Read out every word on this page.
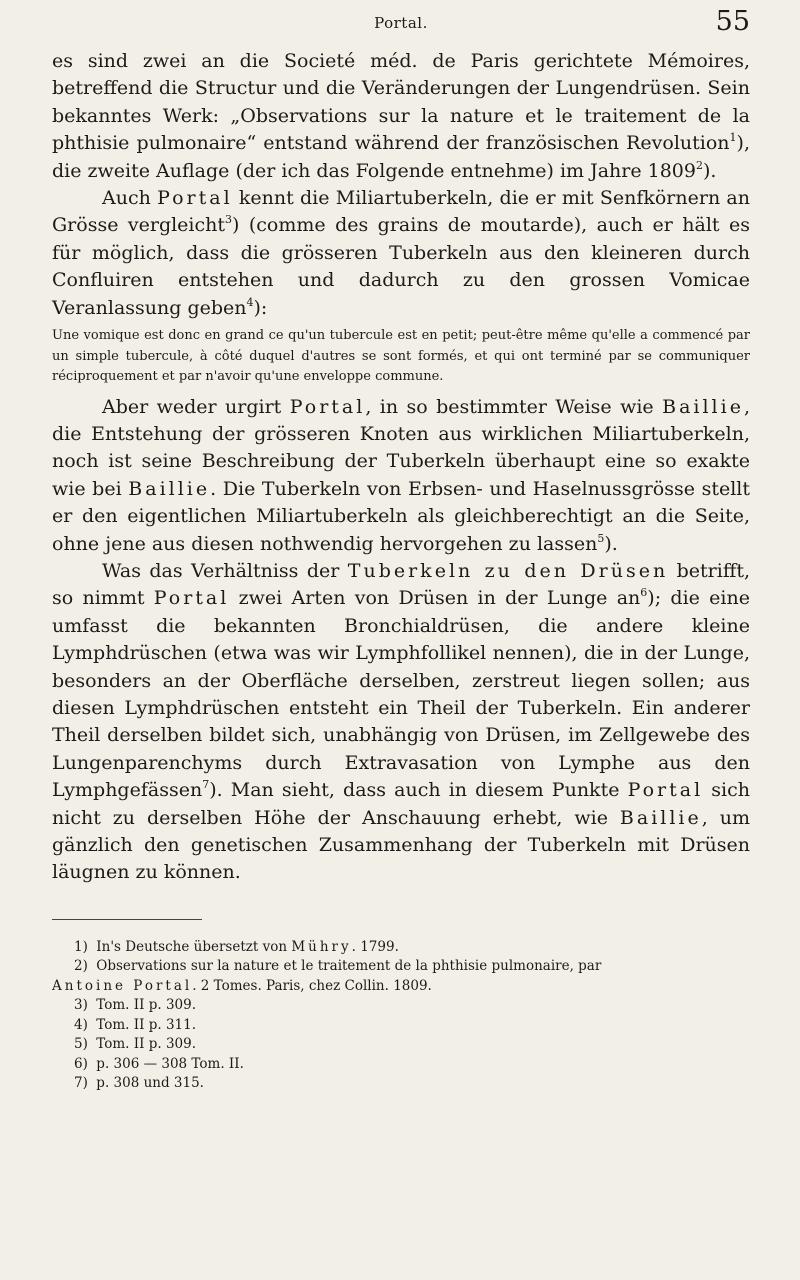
Portal.	55

es sind zwei an die Societé méd. de Paris gerichtete Mémoires, betreffend die Structur und die Veränderungen der Lungendrüsen. Sein bekanntes Werk: „Observations sur la nature et le traitement de la phthisie pulmonaire“ entstand während der französischen Revolution$^1$), die zweite Auflage (der ich das Folgende entnehme) im Jahre 1809$^2$).

Auch Portal kennt die Miliartuberkeln, die er mit Senfkörnern an Grösse vergleicht$^3$) (comme des grains de moutarde), auch er hält es für möglich, dass die grösseren Tuberkeln aus den kleineren durch Confluiren entstehen und dadurch zu den grossen Vomicae Veranlassung geben$^4$):

Une vomique est donc en grand ce qu'un tubercule est en petit; peut-être même qu'elle a commencé par un simple tubercule, à côté duquel d'autres se sont formés, et qui ont terminé par se communiquer réciproquement et par n'avoir qu'une enveloppe commune.

Aber weder urgirt Portal, in so bestimmter Weise wie Baillie, die Entstehung der grösseren Knoten aus wirklichen Miliartuberkeln, noch ist seine Beschreibung der Tuberkeln überhaupt eine so exakte wie bei Baillie. Die Tuberkeln von Erbsen- und Haselnussgrösse stellt er den eigentlichen Miliartuberkeln als gleichberechtigt an die Seite, ohne jene aus diesen nothwendig hervorgehen zu lassen$^5$).

Was das Verhältniss der Tuberkeln zu den Drüsen betrifft, so nimmt Portal zwei Arten von Drüsen in der Lunge $an^6$); die eine umfasst die bekannten Bronchialdrüsen, die andere kleine Lymphdrüschen (etwa was wir Lymphfollikel nennen), die in der Lunge, besonders an der Oberfläche derselben, zerstreut liegen sollen; aus diesen Lymphdrüschen entsteht ein Theil der Tuberkeln. Ein anderer Theil derselben bildet sich, unabhängig von Drüsen, im Zellgewebe des Lungenparenchyms durch Extravasation von Lymphe aus den Lymphgefässen$^7$). Man sieht, dass auch in diesem Punkte Portal sich nicht zu derselben Höhe der Anschauung erhebt, wie Baillie, um gänzlich den genetischen Zusammenhang der Tuberkeln mit Drüsen läugnen zu können.

1) In's Deutsche übersetzt von Mühry. 1799.

2) Observations sur la nature et le traitement de la phthisie pulmonaire, par
Antoine Portal. 2 Tomes. Paris, chez Collin. 1809.

3) Tom. II p. 309.

4) Tom. II p. 311.

5) Tom. II p. 309.

6) p. 306 — 308 Tom. II.

7) p. 308 und 315.
